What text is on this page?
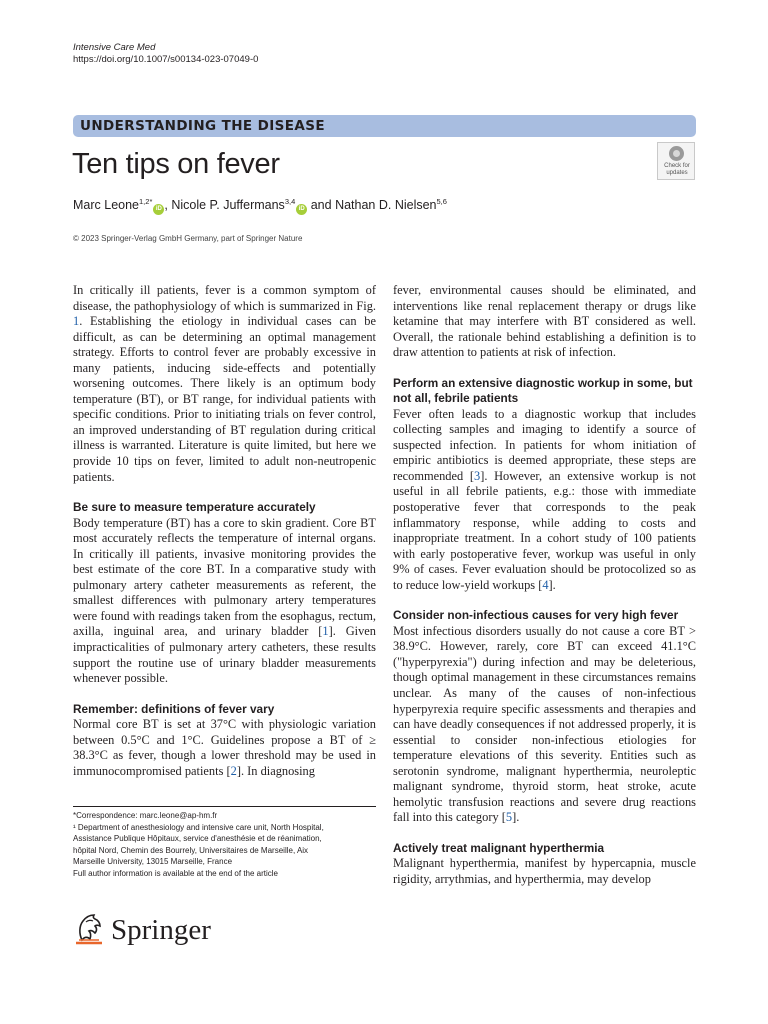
Intensive Care Med
https://doi.org/10.1007/s00134-023-07049-0
UNDERSTANDING THE DISEASE
Ten tips on fever	Check for
updates
Marc Leone$^{1,2*}$iD , Nicole P. Juffermans$^{3,4}$iD and Nathan D. Nielsen$^{5,6}$
© 2023 Springer-Verlag GmbH Germany, part of Springer Nature

In critically ill patients, fever is a common symptom of disease, the pathophysiology of which is summarized in Fig. 1. Establishing the etiology in individual cases can be difficult, as can be determining an optimal management strategy. Efforts to control fever are probably excessive in many patients, inducing side-effects and potentially worsening outcomes. There likely is an optimum body temperature (BT), or BT range, for individual patients with specific conditions. Prior to initiating trials on fever control, an improved understanding of BT regulation during critical illness is warranted. Literature is quite limited, but here we provide 10 tips on fever, limited to adult non-neutropenic patients.

Be sure to measure temperature accurately

Body temperature (BT) has a core to skin gradient. Core BT most accurately reflects the temperature of internal organs. In critically ill patients, invasive monitoring provides the best estimate of the core BT. In a comparative study with pulmonary artery catheter measurements as referent, the smallest differences with pulmonary artery temperatures were found with readings taken from the esophagus, rectum, axilla, inguinal area, and urinary bladder [1]. Given impracticalities of pulmonary artery catheters, these results support the routine use of urinary bladder measurements whenever possible.

Remember: definitions of fever vary

Normal core BT is set at 37°C with physiologic variation between 0.5°C and 1°C. Guidelines propose a BT of ≥ 38.3°C as fever, though a lower threshold may be used in immunocompromised patients [2]. In diagnosing

fever, environmental causes should be eliminated, and interventions like renal replacement therapy or drugs like ketamine that may interfere with BT considered as well. Overall, the rationale behind establishing a definition is to draw attention to patients at risk of infection.

Perform an extensive diagnostic workup in some, but not all, febrile patients

Fever often leads to a diagnostic workup that includes collecting samples and imaging to identify a source of suspected infection. In patients for whom initiation of empiric antibiotics is deemed appropriate, these steps are recommended [3]. However, an extensive workup is not useful in all febrile patients, e.g.: those with immediate postoperative fever that corresponds to the peak inflammatory response, while adding to costs and inappropriate treatment. In a cohort study of 100 patients with early postoperative fever, workup was useful in only 9% of cases. Fever evaluation should be protocolized so as to reduce low-yield workups [4].

Consider non-infectious causes for very high fever

Most infectious disorders usually do not cause a core BT > 38.9°C. However, rarely, core BT can exceed 41.1°C ("hyperpyrexia") during infection and may be deleterious, though optimal management in these circumstances remains unclear. As many of the causes of non-infectious hyperpyrexia require specific assessments and therapies and can have deadly consequences if not addressed properly, it is essential to consider non-infectious etiologies for temperature elevations of this severity. Entities such as serotonin syndrome, malignant hyperthermia, neuroleptic malignant syndrome, thyroid storm, heat stroke, acute hemolytic transfusion reactions and severe drug reactions fall into this category [5].

Actively treat malignant hyperthermia

Malignant hyperthermia, manifest by hypercapnia, muscle rigidity, arrythmias, and hyperthermia, may develop

*Correspondence: marc.leone@ap-hm.fr
¹ Department of anesthesiology and intensive care unit, North Hospital,
Assistance Publique Hôpitaux, service d'anesthésie et de réanimation,
hôpital Nord, Chemin des Bourrely, Universitaires de Marseille, Aix
Marseille University, 13015 Marseille, France
Full author information is available at the end of the article
Springer
